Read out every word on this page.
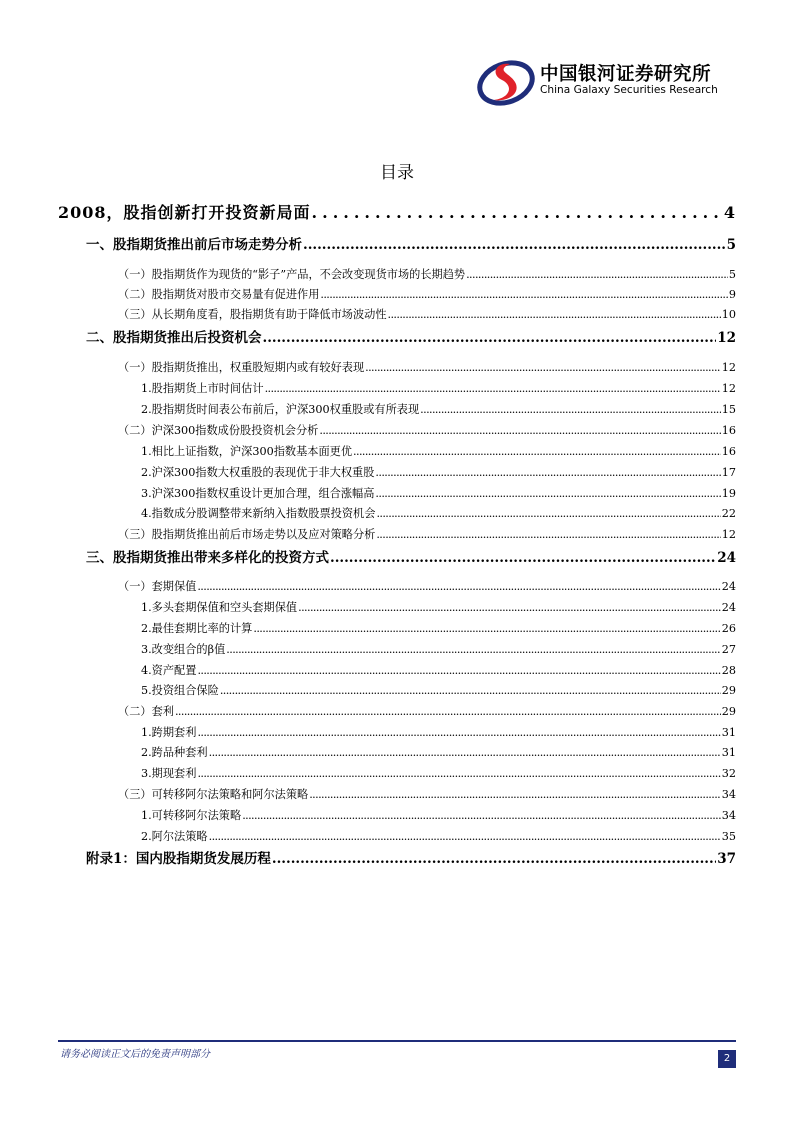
中国银河证券研究所
China Galaxy Securities Research
目录
2008，股指创新打开投资新局面 .....	4
一、股指期货推出前后市场走势分析 .....	5
（一）股指期货作为现货的“影子”产品，不会改变现货市场的长期趋势 .....	5
（二）股指期货对股市交易量有促进作用 .....	9
（三）从长期角度看，股指期货有助于降低市场波动性 .....	10
二、股指期货推出后投资机会 .....	12
（一）股指期货推出，权重股短期内或有较好表现 .....	12
1.股指期货上市时间估计 .....	12
2.股指期货时间表公布前后，沪深300权重股或有所表现 .....	15
（二）沪深300指数成份股投资机会分析 .....	16
1.相比上证指数，沪深300指数基本面更优 .....	16
2.沪深300指数大权重股的表现优于非大权重股 .....	17
3.沪深300指数权重设计更加合理，组合涨幅高 .....	19
4.指数成分股调整带来新纳入指数股票投资机会 .....	22
（三）股指期货推出前后市场走势以及应对策略分析 .....	12
三、股指期货推出带来多样化的投资方式 .....	24
（一）套期保值 .....	24
1.多头套期保值和空头套期保值 .....	24
2.最佳套期比率的计算 .....	26
3.改变组合的β值 .....	27
4.资产配置 .....	28
5.投资组合保险 .....	29
（二）套利 .....	29
1.跨期套利 .....	31
2.跨品种套利 .....	31
3.期现套利 .....	32
（三）可转移阿尔法策略和阿尔法策略 .....	34
1.可转移阿尔法策略 .....	34
2.阿尔法策略 .....	35
附录1：国内股指期货发展历程 .....	37
请务必阅读正文后的免责声明部分	2
